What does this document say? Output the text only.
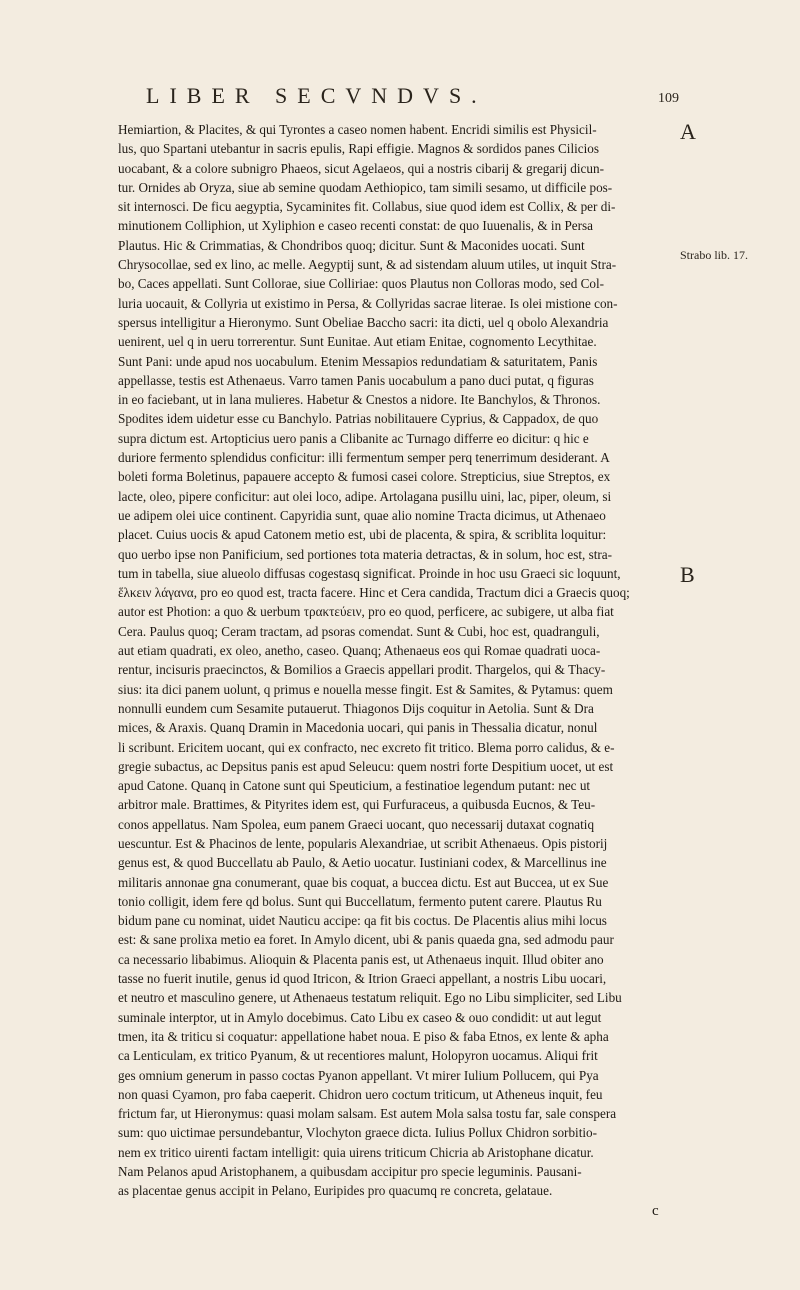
LIBER SECVNDVS.	109
A
Strabo lib. 17.
B
Hemiartion, & Placites, & qui Tyrontes a caseo nomen habent. Encridi similis est Physicil-
lus, quo Spartani utebantur in sacris epulis, Rapi effigie. Magnos & sordidos panes Cilicios
uocabant, & a colore subnigro Phaeos, sicut Agelaeos, qui a nostris cibarij & gregarij dicun-
tur. Ornides ab Oryza, siue ab semine quodam Aethiopico, tam simili sesamo, ut difficile pos-
sit internosci. De ficu aegyptia, Sycaminites fit. Collabus, siue quod idem est Collix, & per di-
minutionem Colliphion, ut Xyliphion e caseo recenti constat: de quo Iuuenalis, & in Persa
Plautus. Hic & Crimmatias, & Chondribos quoq; dicitur. Sunt & Maconides uocati. Sunt
Chrysocollae, sed ex lino, ac melle. Aegyptij sunt, & ad sistendam aluum utiles, ut inquit Stra-
bo, Caces appellati. Sunt Collorae, siue Colliriae: quos Plautus non Colloras modo, sed Col-
luria uocauit, & Collyria ut existimo in Persa, & Collyridas sacrae literae. Is olei mistione con-
spersus intelligitur a Hieronymo. Sunt Obeliae Baccho sacri: ita dicti, uel q obolo Alexandria
uenirent, uel q in ueru torrerentur. Sunt Eunitae. Aut etiam Enitae, cognomento Lecythitae.
Sunt Pani: unde apud nos uocabulum. Etenim Messapios redundatiam & saturitatem, Panis
appellasse, testis est Athenaeus. Varro tamen Panis uocabulum a pano duci putat, q figuras
in eo faciebant, ut in lana mulieres. Habetur & Cnestos a nidore. Ite Banchylos, & Thronos.
Spodites idem uidetur esse cu Banchylo. Patrias nobilitauere Cyprius, & Cappadox, de quo
supra dictum est. Artopticius uero panis a Clibanite ac Turnago differre eo dicitur: q hic e
duriore fermento splendidus conficitur: illi fermentum semper perq tenerrimum desiderant. A
boleti forma Boletinus, papauere accepto & fumosi casei colore. Strepticius, siue Streptos, ex
lacte, oleo, pipere conficitur: aut olei loco, adipe. Artolagana pusillu uini, lac, piper, oleum, si
ue adipem olei uice continent. Capyridia sunt, quae alio nomine Tracta dicimus, ut Athenaeo
placet. Cuius uocis & apud Catonem metio est, ubi de placenta, & spira, & scriblita loquitur:
quo uerbo ipse non Panificium, sed portiones tota materia detractas, & in solum, hoc est, stra-
tum in tabella, siue alueolo diffusas cogestasq significat. Proinde in hoc usu Graeci sic loquunt,
ἕλκειν λάγανα, pro eo quod est, tracta facere. Hinc et Cera candida, Tractum dici a Graecis quoq;
autor est Photion: a quo & uerbum τρακτεύειν, pro eo quod, perficere, ac subigere, ut alba fiat
Cera. Paulus quoq; Ceram tractam, ad psoras comendat. Sunt & Cubi, hoc est, quadranguli,
aut etiam quadrati, ex oleo, anetho, caseo. Quanq; Athenaeus eos qui Romae quadrati uoca-
rentur, incisuris praecinctos, & Bomilios a Graecis appellari prodit. Thargelos, qui & Thacy-
sius: ita dici panem uolunt, q primus e nouella messe fingit. Est & Samites, & Pytamus: quem
nonnulli eundem cum Sesamite putauerut. Thiagonos Dijs coquitur in Aetolia. Sunt & Dra
mices, & Araxis. Quanq Dramin in Macedonia uocari, qui panis in Thessalia dicatur, nonul
li scribunt. Ericitem uocant, qui ex confracto, nec excreto fit tritico. Blema porro calidus, & e-
gregie subactus, ac Depsitus panis est apud Seleucu: quem nostri forte Despitium uocet, ut est
apud Catone. Quanq in Catone sunt qui Speuticium, a festinatioe legendum putant: nec ut
arbitror male. Brattimes, & Pityrites idem est, qui Furfuraceus, a quibusda Eucnos, & Teu-
conos appellatus. Nam Spolea, eum panem Graeci uocant, quo necessarij dutaxat cognatiq
uescuntur. Est & Phacinos de lente, popularis Alexandriae, ut scribit Athenaeus. Opis pistorij
genus est, & quod Buccellatu ab Paulo, & Aetio uocatur. Iustiniani codex, & Marcellinus ine
militaris annonae gna conumerant, quae bis coquat, a buccea dictu. Est aut Buccea, ut ex Sue
tonio colligit, idem fere qd bolus. Sunt qui Buccellatum, fermento putent carere. Plautus Ru
bidum pane cu nominat, uidet Nauticu accipe: qa fit bis coctus. De Placentis alius mihi locus
est: & sane prolixa metio ea foret. In Amylo dicent, ubi & panis quaeda gna, sed admodu paur
ca necessario libabimus. Alioquin & Placenta panis est, ut Athenaeus inquit. Illud obiter ano
tasse no fuerit inutile, genus id quod Itricon, & Itrion Graeci appellant, a nostris Libu uocari,
et neutro et masculino genere, ut Athenaeus testatum reliquit. Ego no Libu simpliciter, sed Libu
suminale interptor, ut in Amylo docebimus. Cato Libu ex caseo & ouo condidit: ut aut legut
tmen, ita & triticu si coquatur: appellatione habet noua. E piso & faba Etnos, ex lente & apha
ca Lenticulam, ex tritico Pyanum, & ut recentiores malunt, Holopyron uocamus. Aliqui frit
ges omnium generum in passo coctas Pyanon appellant. Vt mirer Iulium Pollucem, qui Pya
non quasi Cyamon, pro faba caeperit. Chidron uero coctum triticum, ut Atheneus inquit, feu
frictum far, ut Hieronymus: quasi molam salsam. Est autem Mola salsa tostu far, sale conspera
sum: quo uictimae persundebantur, Vlochyton graece dicta. Iulius Pollux Chidron sorbitio-
nem ex tritico uirenti factam intelligit: quia uirens triticum Chicria ab Aristophane dicatur.
Nam Pelanos apud Aristophanem, a quibusdam accipitur pro specie leguminis. Pausani-
as placentae genus accipit in Pelano, Euripides pro quacumq re concreta, gelataue.
c
